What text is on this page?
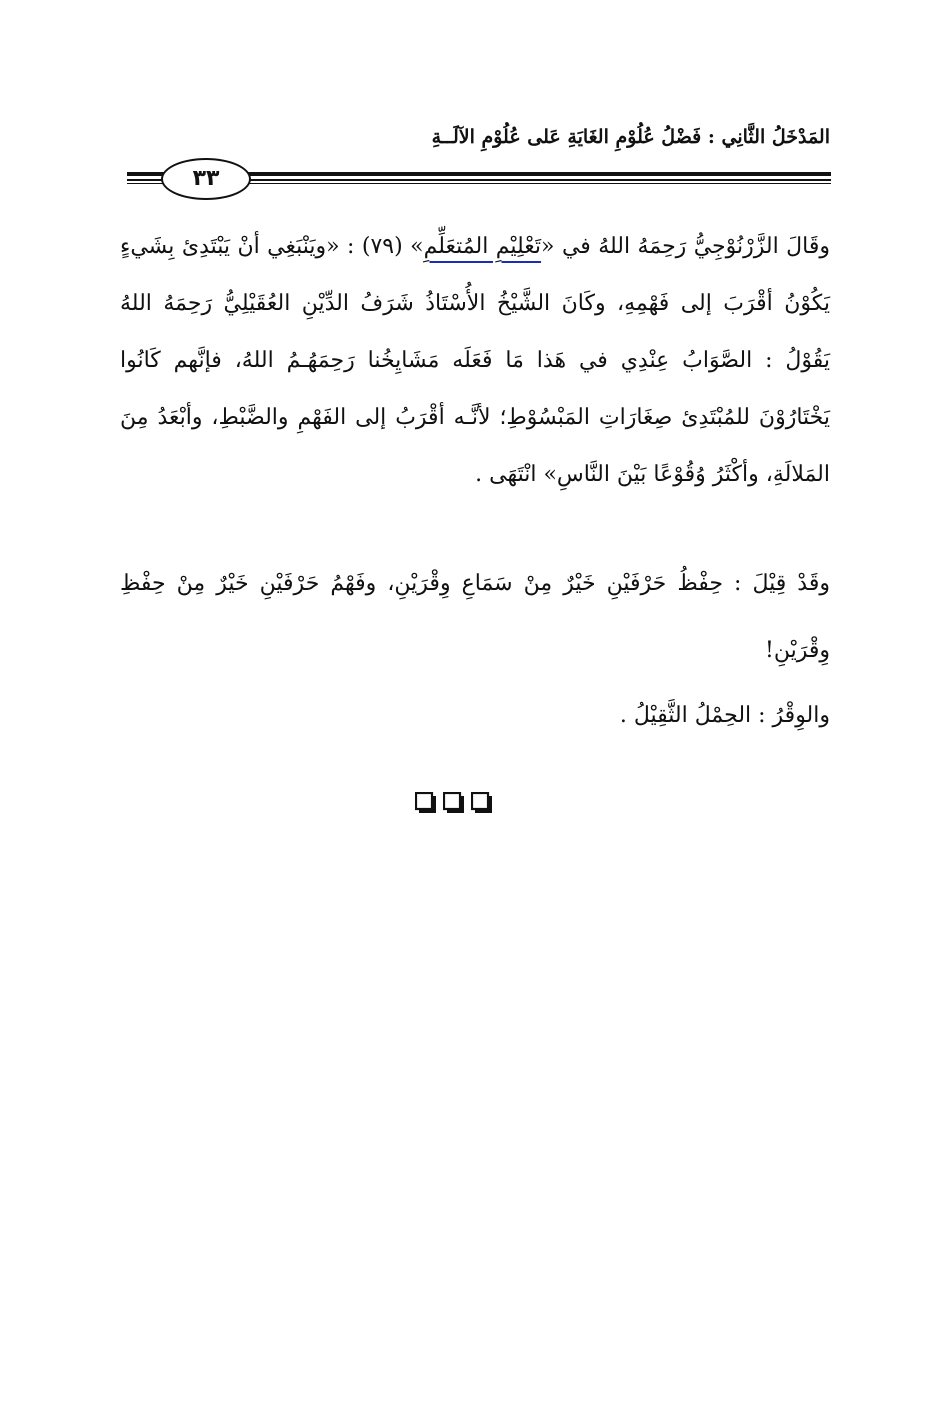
المَدْخَلُ الثَّانِي : فَضْلُ عُلُوْمِ الغَايَةِ عَلى عُلُوْمِ الآلَــةِ
٣٣

وقَالَ الزَّرْنُوْجِيُّ رَحِمَهُ اللهُ في «تَعْلِيْمِ المُتعَلِّمِ» (٧٩) : «ويَنْبَغِي أنْ يَبْتَدِئ بِشَيءٍ يَكُوْنُ أقْرَبَ إلى فَهْمِهِ، وكَانَ الشَّيْخُ الأُسْتَاذُ شَرَفُ الدِّيْنِ العُقَيْلِيُّ رَحِمَهُ اللهُ يَقُوْلُ : الصَّوَابُ عِنْدِي في هَذا مَا فَعَلَه مَشَايِخُنا رَحِمَهُـمُ اللهُ، فإنَّهم كَانُوا يَخْتَارُوْنَ للمُبْتَدِئ صِغَارَاتِ المَبْسُوْطِ؛ لأنَّـه أقْرَبُ إلى الفَهْمِ والضَّبْطِ، وأبْعَدُ مِنَ المَلالَةِ، وأكْثَرُ وُقُوْعًا بَيْنَ النَّاسِ» انْتَهَى .

وقَدْ قِيْلَ : حِفْظُ حَرْفَيْنِ خَيْرٌ مِنْ سَمَاعِ وِقْرَيْنِ، وفَهْمُ حَرْفَيْنِ خَيْرٌ مِنْ حِفْظِ وِقْرَيْنِ!

والوِقْرُ : الحِمْلُ الثَّقِيْلُ .
